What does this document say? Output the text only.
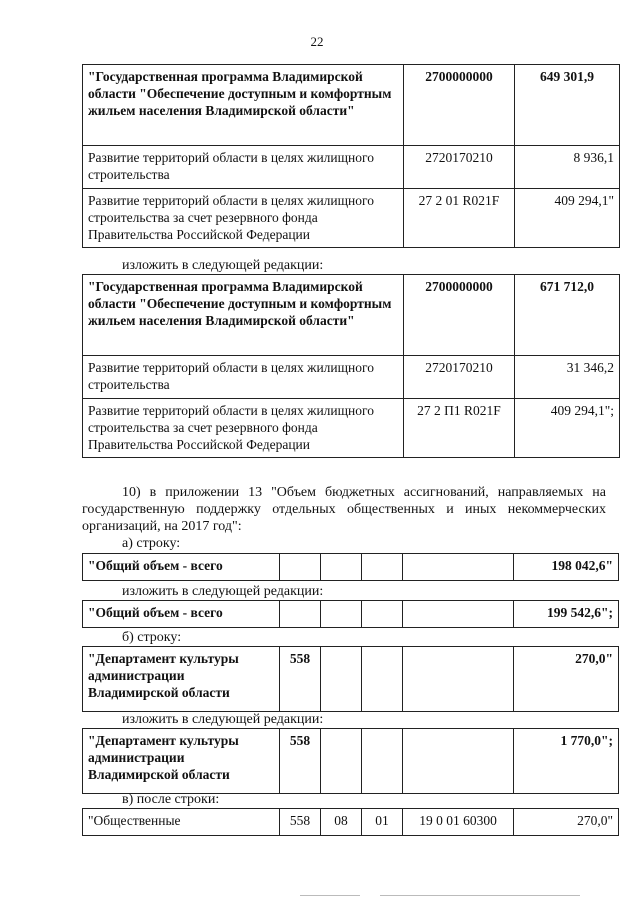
22
"Государственная программа Владимирской области "Обеспечение доступным и комфортным жильем населения Владимирской области"	2700000000	649 301,9
Развитие территорий области в целях жилищного строительства	2720170210	8 936,1
Развитие территорий области в целях жилищного строительства за счет резервного фонда Правительства Российской Федерации	27 2 01 R021F	409 294,1"
изложить в следующей редакции:
"Государственная программа Владимирской области "Обеспечение доступным и комфортным жильем населения Владимирской области"	2700000000	671 712,0
Развитие территорий области в целях жилищного строительства	2720170210	31 346,2
Развитие территорий области в целях жилищного строительства за счет резервного фонда Правительства Российской Федерации	27 2 П1 R021F	409 294,1";
10) в приложении 13 "Объем бюджетных ассигнований, направляемых на государственную поддержку отдельных общественных и иных некоммерческих организаций, на 2017 год":
а) строку:
"Общий объем - всего					198 042,6"
изложить в следующей редакции:
"Общий объем - всего					199 542,6";
б) строку:
"Департамент культуры администрации Владимирской области	558				270,0"
изложить в следующей редакции:
"Департамент культуры администрации Владимирской области	558				1 770,0";
в) после строки:
"Общественные	558	08	01	19 0 01 60300	270,0"
